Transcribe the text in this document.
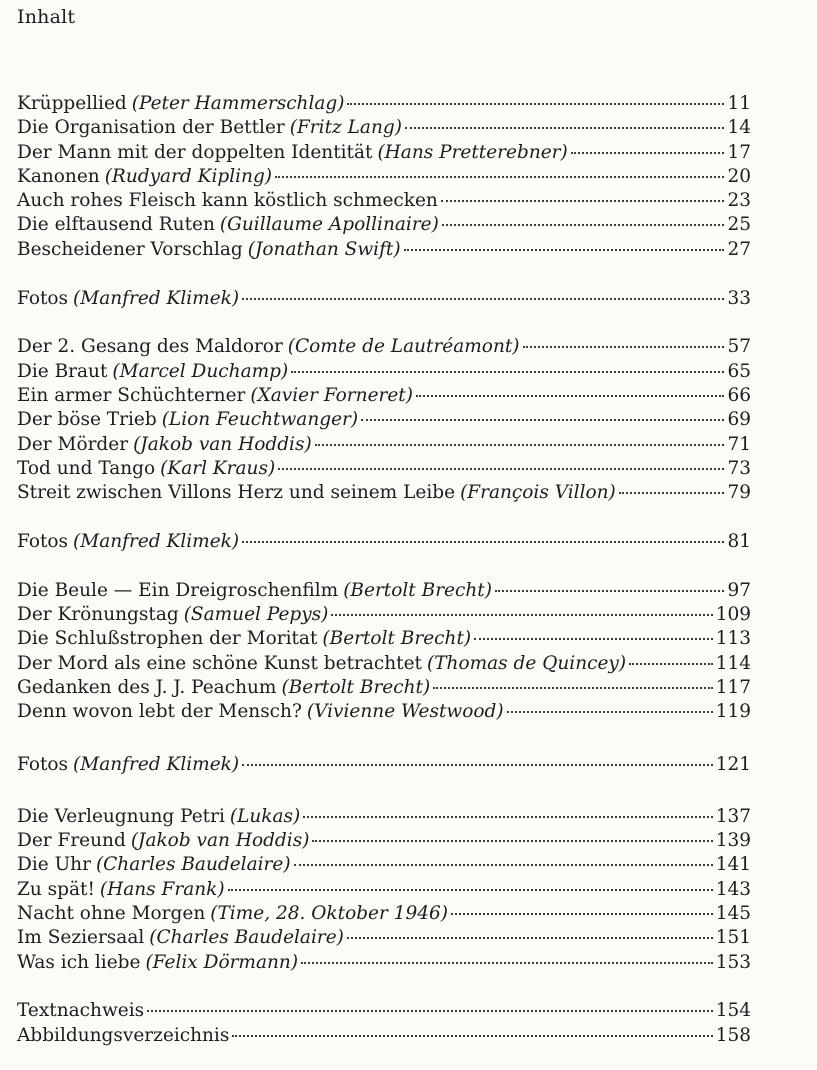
Inhalt
Krüppellied (Peter Hammerschlag)	11
Die Organisation der Bettler (Fritz Lang)	14
Der Mann mit der doppelten Identität (Hans Pretterebner)	17
Kanonen (Rudyard Kipling)	20
Auch rohes Fleisch kann köstlich schmecken	23
Die elftausend Ruten (Guillaume Apollinaire)	25
Bescheidener Vorschlag (Jonathan Swift)	27
Fotos (Manfred Klimek)	33
Der 2. Gesang des Maldoror (Comte de Lautréamont)	57
Die Braut (Marcel Duchamp)	65
Ein armer Schüchterner (Xavier Forneret)	66
Der böse Trieb (Lion Feuchtwanger)	69
Der Mörder (Jakob van Hoddis)	71
Tod und Tango (Karl Kraus)	73
Streit zwischen Villons Herz und seinem Leibe (François Villon)	79
Fotos (Manfred Klimek)	81
Die Beule — Ein Dreigroschenfilm (Bertolt Brecht)	97
Der Krönungstag (Samuel Pepys)	109
Die Schlußstrophen der Moritat (Bertolt Brecht)	113
Der Mord als eine schöne Kunst betrachtet (Thomas de Quincey)	114
Gedanken des J. J. Peachum (Bertolt Brecht)	117
Denn wovon lebt der Mensch? (Vivienne Westwood)	119
Fotos (Manfred Klimek)	121
Die Verleugnung Petri (Lukas)	137
Der Freund (Jakob van Hoddis)	139
Die Uhr (Charles Baudelaire)	141
Zu spät! (Hans Frank)	143
Nacht ohne Morgen (Time, 28. Oktober 1946)	145
Im Seziersaal (Charles Baudelaire)	151
Was ich liebe (Felix Dörmann)	153
Textnachweis	154
Abbildungsverzeichnis	158
